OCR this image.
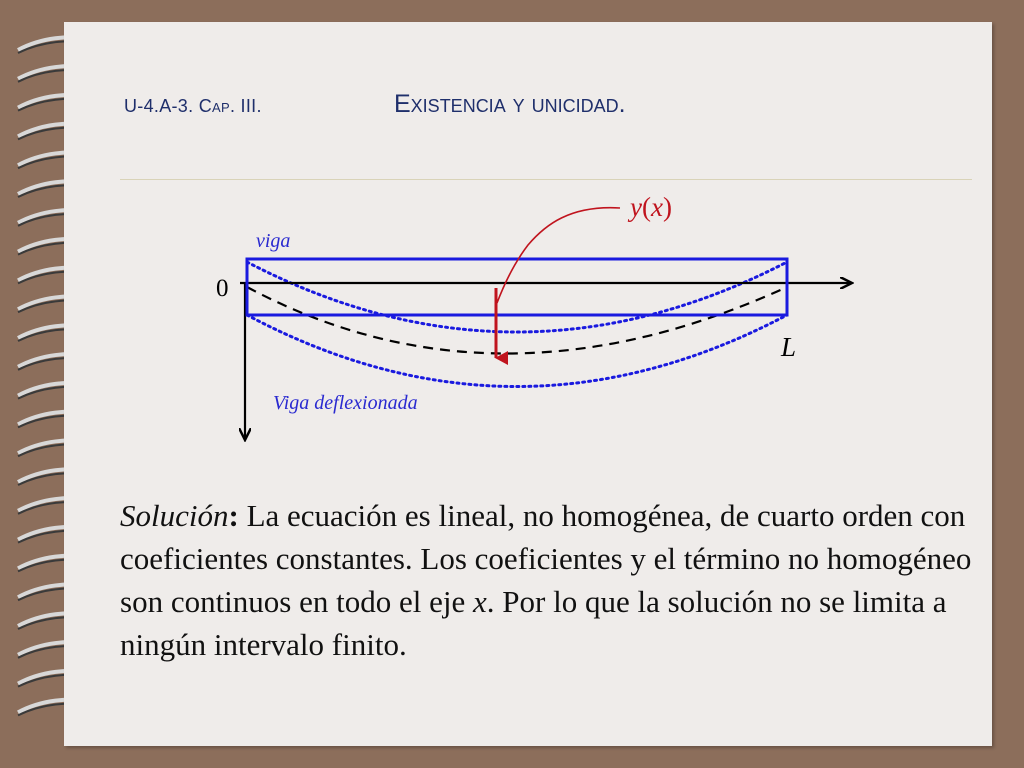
U-4.A-3. Cap. III.	Existencia y unicidad.
viga
0
L
Viga deflexionada
y(x)
Solución: La ecuación es lineal, no homogénea, de cuarto orden con coeficientes constantes. Los coeficientes y el término no homogéneo son continuos en todo el eje x. Por lo que la solución no se limita a ningún intervalo finito.
